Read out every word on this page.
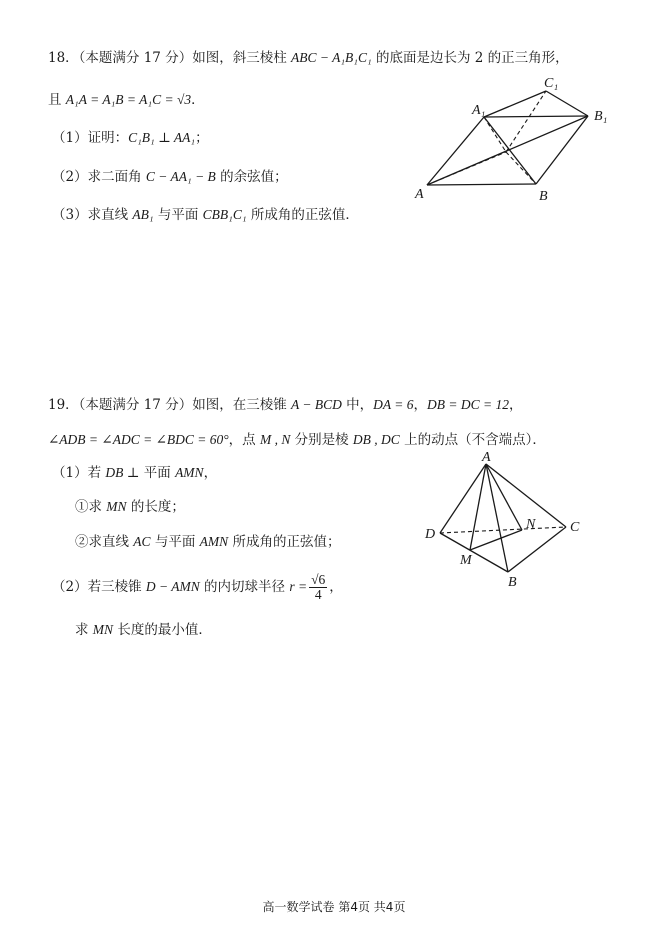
18．（本题满分 17 分）如图，斜三棱柱 ABC − A₁B₁C₁ 的底面是边长为 2 的正三角形，
且 A₁A = A₁B = A₁C = √3．
（1）证明：C₁B₁ ⊥ AA₁；
（2）求二面角 C − AA₁ − B 的余弦值；
（3）求直线 AB₁ 与平面 CBB₁C₁ 所成角的正弦值．
A	B
A₁	B₁
C₁
19．（本题满分 17 分）如图，在三棱锥 A − BCD 中，DA = 6，DB = DC = 12，
∠ADB = ∠ADC = ∠BDC = 60°，点 M , N 分别是棱 DB , DC 上的动点（不含端点）．
（1）若 DB ⊥ 平面 AMN，
①求 MN 的长度；
②求直线 AC 与平面 AMN 所成角的正弦值；
（2）若三棱锥 D − AMN 的内切球半径 $r = \frac{√6}{4}$ ，
求 MN 长度的最小值．
A
B
C
D
M
N
高一数学试卷 第4页 共4页
